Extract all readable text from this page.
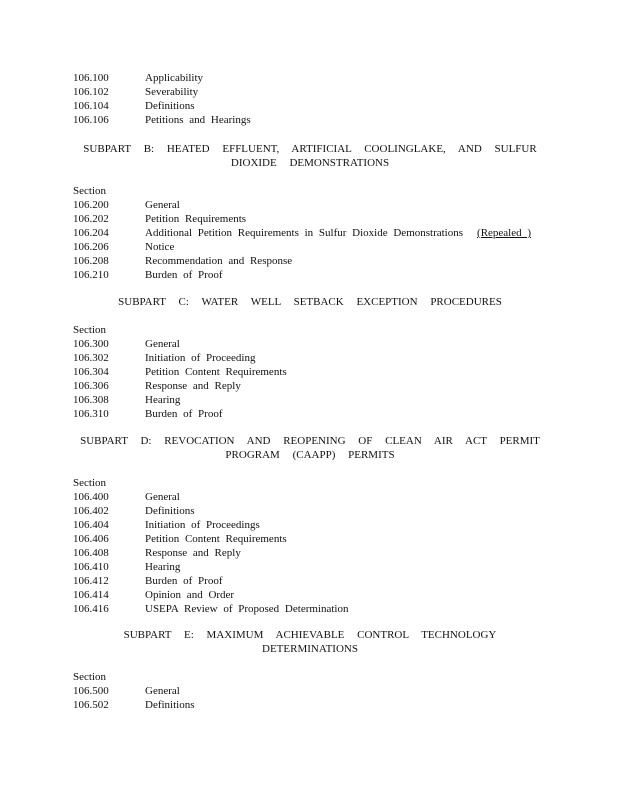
106.100	Applicability
106.102	Severability
106.104	Definitions
106.106	Petitions and Hearings
SUBPART B: HEATED EFFLUENT, ARTIFICIAL COOLINGLAKE, AND SULFUR
DIOXIDE DEMONSTRATIONS
Section
106.200	General
106.202	Petition Requirements
106.204	Additional Petition Requirements in Sulfur Dioxide Demonstrations (Repealed )
106.206	Notice
106.208	Recommendation and Response
106.210	Burden of Proof
SUBPART C: WATER WELL SETBACK EXCEPTION PROCEDURES
Section
106.300	General
106.302	Initiation of Proceeding
106.304	Petition Content Requirements
106.306	Response and Reply
106.308	Hearing
106.310	Burden of Proof
SUBPART D: REVOCATION AND REOPENING OF CLEAN AIR ACT PERMIT
PROGRAM (CAAPP) PERMITS
Section
106.400	General
106.402	Definitions
106.404	Initiation of Proceedings
106.406	Petition Content Requirements
106.408	Response and Reply
106.410	Hearing
106.412	Burden of Proof
106.414	Opinion and Order
106.416	USEPA Review of Proposed Determination
SUBPART E: MAXIMUM ACHIEVABLE CONTROL TECHNOLOGY
DETERMINATIONS
Section
106.500	General
106.502	Definitions
